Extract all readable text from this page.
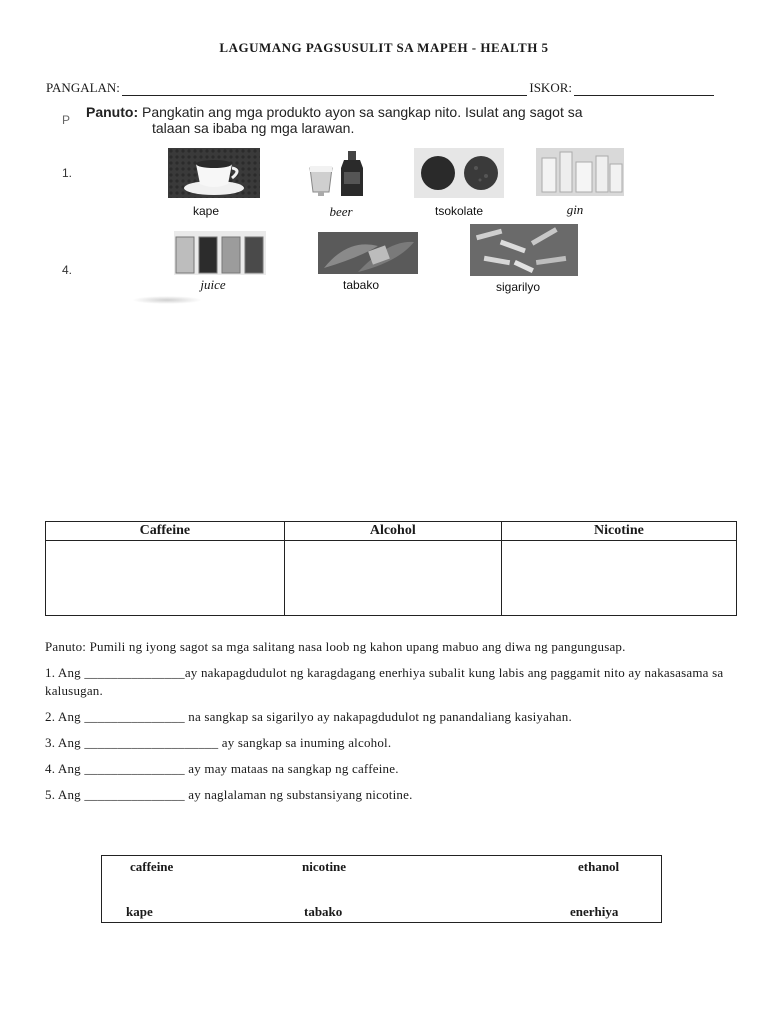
LAGUMANG PAGSUSULIT SA MAPEH - HEALTH 5
PANGALAN:	ISKOR:
P Panuto: Pangkatin ang mga produkto ayon sa sangkap nito. Isulat ang sagot sa
talaan sa ibaba ng mga larawan.
1.
4.
kape	beer	tsokolate	gin
juice	tabako	sigarilyo
Caffeine	Alcohol	Nicotine

Panuto: Pumili ng iyong sagot sa mga salitang nasa loob ng kahon upang mabuo ang diwa ng pangungusap.

1. Ang _______________ay nakapagdudulot ng karagdagang enerhiya subalit kung labis ang paggamit nito ay nakasasama sa kalusugan.

2. Ang _______________ na sangkap sa sigarilyo ay nakapagdudulot ng panandaliang kasiyahan.

3. Ang ____________________ ay sangkap sa inuming alcohol.

4. Ang _______________ ay may mataas na sangkap ng caffeine.

5. Ang _______________ ay naglalaman ng substansiyang nicotine.

caffeine	nicotine	ethanol
kape	tabako	enerhiya
